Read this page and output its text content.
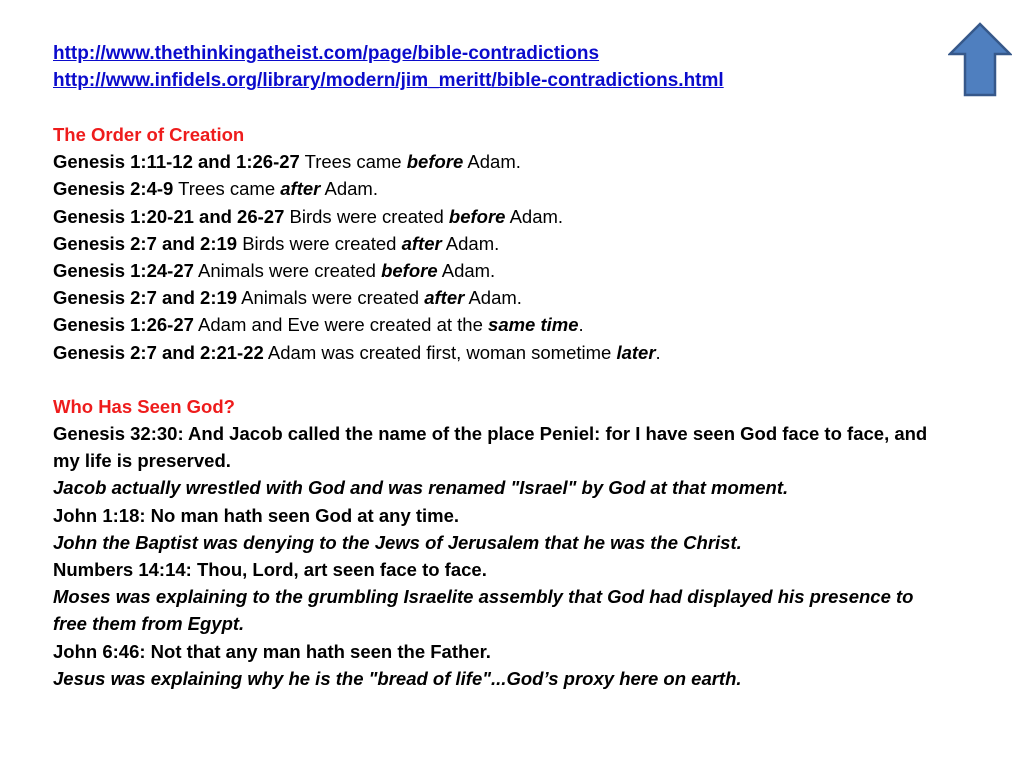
http://www.thethinkingatheist.com/page/bible-contradictions
http://www.infidels.org/library/modern/jim_meritt/bible-contradictions.html
The Order of Creation
Genesis 1:11-12 and 1:26-27 Trees came before Adam.
Genesis 2:4-9 Trees came after Adam.
Genesis 1:20-21 and 26-27 Birds were created before Adam.
Genesis 2:7 and 2:19 Birds were created after Adam.
Genesis 1:24-27 Animals were created before Adam.
Genesis 2:7 and 2:19 Animals were created after Adam.
Genesis 1:26-27 Adam and Eve were created at the same time.
Genesis 2:7 and 2:21-22 Adam was created first, woman sometime later.
Who Has Seen God?
Genesis 32:30: And Jacob called the name of the place Peniel: for I have seen God face to face, and my life is preserved.
Jacob actually wrestled with God and was renamed "Israel" by God at that moment.
John 1:18: No man hath seen God at any time.
John the Baptist was denying to the Jews of Jerusalem that he was the Christ.
Numbers 14:14: Thou, Lord, art seen face to face.
Moses was explaining to the grumbling Israelite assembly that God had displayed his presence to free them from Egypt.
John 6:46: Not that any man hath seen the Father.
Jesus was explaining why he is the "bread of life"...God’s proxy here on earth.
